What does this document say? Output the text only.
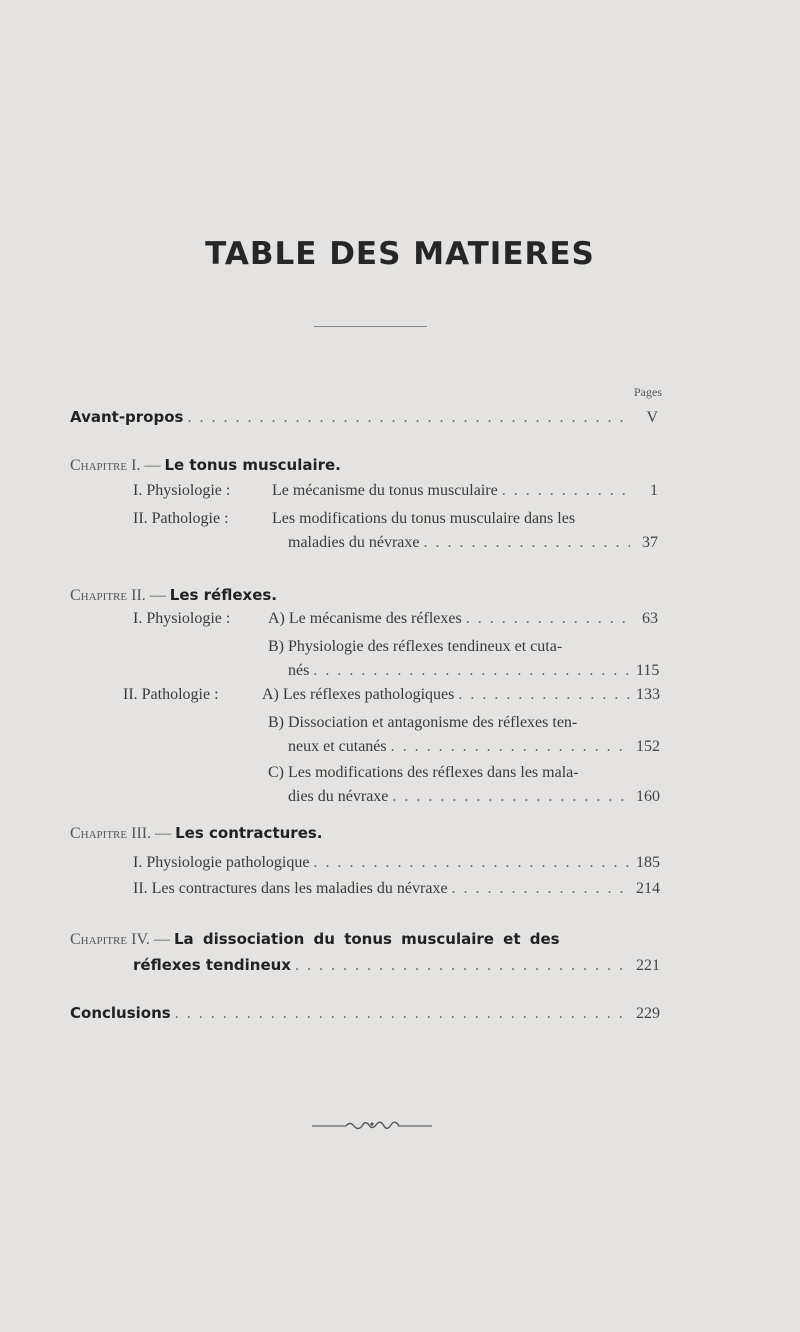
TABLE DES MATIERES
Pages
Avant-propos . . .	V
Chapitre I. — Le tonus musculaire.
I. Physiologie :	Le mécanisme du tonus musculaire . . .	1
II. Pathologie :	Les modifications du tonus musculaire dans les
maladies du névraxe . . .	37
Chapitre II. — Les réflexes.
I. Physiologie : A) Le mécanisme des réflexes . . .	63
B) Physiologie des réflexes tendineux et cuta-
nés . . .	115
II. Pathologie :	A) Les réflexes pathologiques . . .	133
B) Dissociation et antagonisme des réflexes ten-
neux et cutanés . . .	152
C) Les modifications des réflexes dans les mala-
dies du névraxe . . .	160
Chapitre III. — Les contractures.
I. Physiologie pathologique . . .	185
II. Les contractures dans les maladies du névraxe . . .	214
Chapitre IV. — La dissociation du tonus musculaire et des
réflexes tendineux . . .	221
Conclusions . . .	229
